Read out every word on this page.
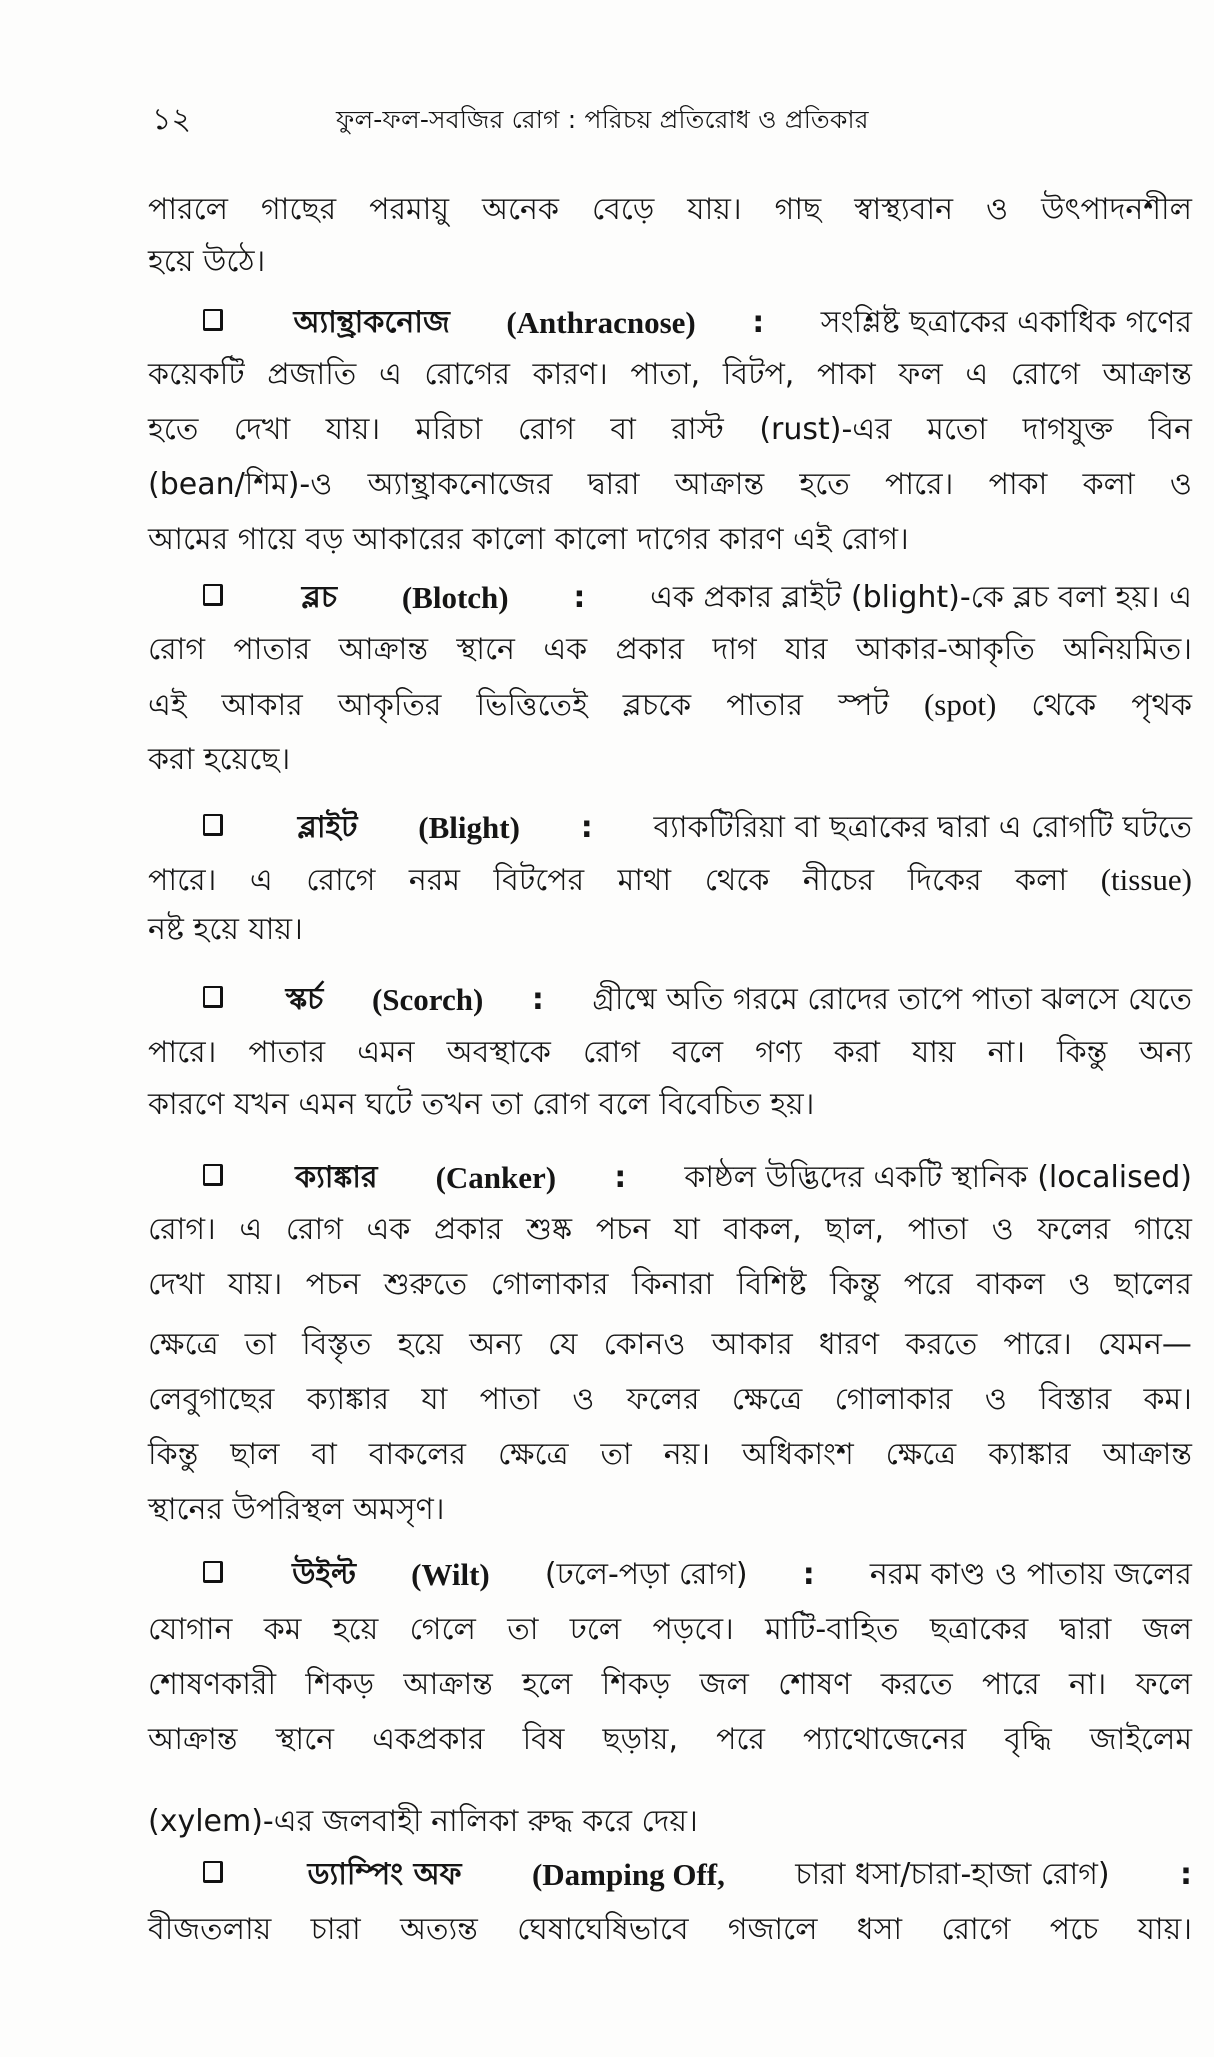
১২	ফুল-ফল-সবজির রোগ : পরিচয় প্রতিরোধ ও প্রতিকার
পারলে গাছের পরমায়ু অনেক বেড়ে যায়। গাছ স্বাস্থ্যবান ও উৎপাদনশীল
হয়ে উঠে।
অ্যান্থ্রাকনোজ (Anthracnose) : সংশ্লিষ্ট ছত্রাকের একাধিক গণের
কয়েকটি প্রজাতি এ রোগের কারণ। পাতা, বিটপ, পাকা ফল এ রোগে আক্রান্ত
হতে দেখা যায়। মরিচা রোগ বা রাস্ট (rust)-এর মতো দাগযুক্ত বিন
(bean/শিম)-ও অ্যান্থ্রাকনোজের দ্বারা আক্রান্ত হতে পারে। পাকা কলা ও
আমের গায়ে বড় আকারের কালো কালো দাগের কারণ এই রোগ।
ব্লচ (Blotch) : এক প্রকার ব্লাইট (blight)-কে ব্লচ বলা হয়। এ
রোগ পাতার আক্রান্ত স্থানে এক প্রকার দাগ যার আকার-আকৃতি অনিয়মিত।
এই আকার আকৃতির ভিত্তিতেই ব্লচকে পাতার স্পট (spot) থেকে পৃথক
করা হয়েছে।
ব্লাইট (Blight) : ব্যাকটিরিয়া বা ছত্রাকের দ্বারা এ রোগটি ঘটতে
পারে। এ রোগে নরম বিটপের মাথা থেকে নীচের দিকের কলা (tissue)
নষ্ট হয়ে যায়।
স্কর্চ (Scorch) : গ্রীষ্মে অতি গরমে রোদের তাপে পাতা ঝলসে যেতে
পারে। পাতার এমন অবস্থাকে রোগ বলে গণ্য করা যায় না। কিন্তু অন্য
কারণে যখন এমন ঘটে তখন তা রোগ বলে বিবেচিত হয়।
ক্যাঙ্কার (Canker) : কাষ্ঠল উদ্ভিদের একটি স্থানিক (localised)
রোগ। এ রোগ এক প্রকার শুষ্ক পচন যা বাকল, ছাল, পাতা ও ফলের গায়ে
দেখা যায়। পচন শুরুতে গোলাকার কিনারা বিশিষ্ট কিন্তু পরে বাকল ও ছালের
ক্ষেত্রে তা বিস্তৃত হয়ে অন্য যে কোনও আকার ধারণ করতে পারে। যেমন—
লেবুগাছের ক্যাঙ্কার যা পাতা ও ফলের ক্ষেত্রে গোলাকার ও বিস্তার কম।
কিন্তু ছাল বা বাকলের ক্ষেত্রে তা নয়। অধিকাংশ ক্ষেত্রে ক্যাঙ্কার আক্রান্ত
স্থানের উপরিস্থল অমসৃণ।
উইল্ট (Wilt) (ঢলে-পড়া রোগ) : নরম কাণ্ড ও পাতায় জলের
যোগান কম হয়ে গেলে তা ঢলে পড়বে। মাটি-বাহিত ছত্রাকের দ্বারা জল
শোষণকারী শিকড় আক্রান্ত হলে শিকড় জল শোষণ করতে পারে না। ফলে
আক্রান্ত স্থানে একপ্রকার বিষ ছড়ায়, পরে প্যাথোজেনের বৃদ্ধি জাইলেম
(xylem)-এর জলবাহী নালিকা রুদ্ধ করে দেয়।
ড্যাম্পিং অফ (Damping Off, চারা ধসা/চারা-হাজা রোগ) :
বীজতলায় চারা অত্যন্ত ঘেষাঘেষিভাবে গজালে ধসা রোগে পচে যায়।
